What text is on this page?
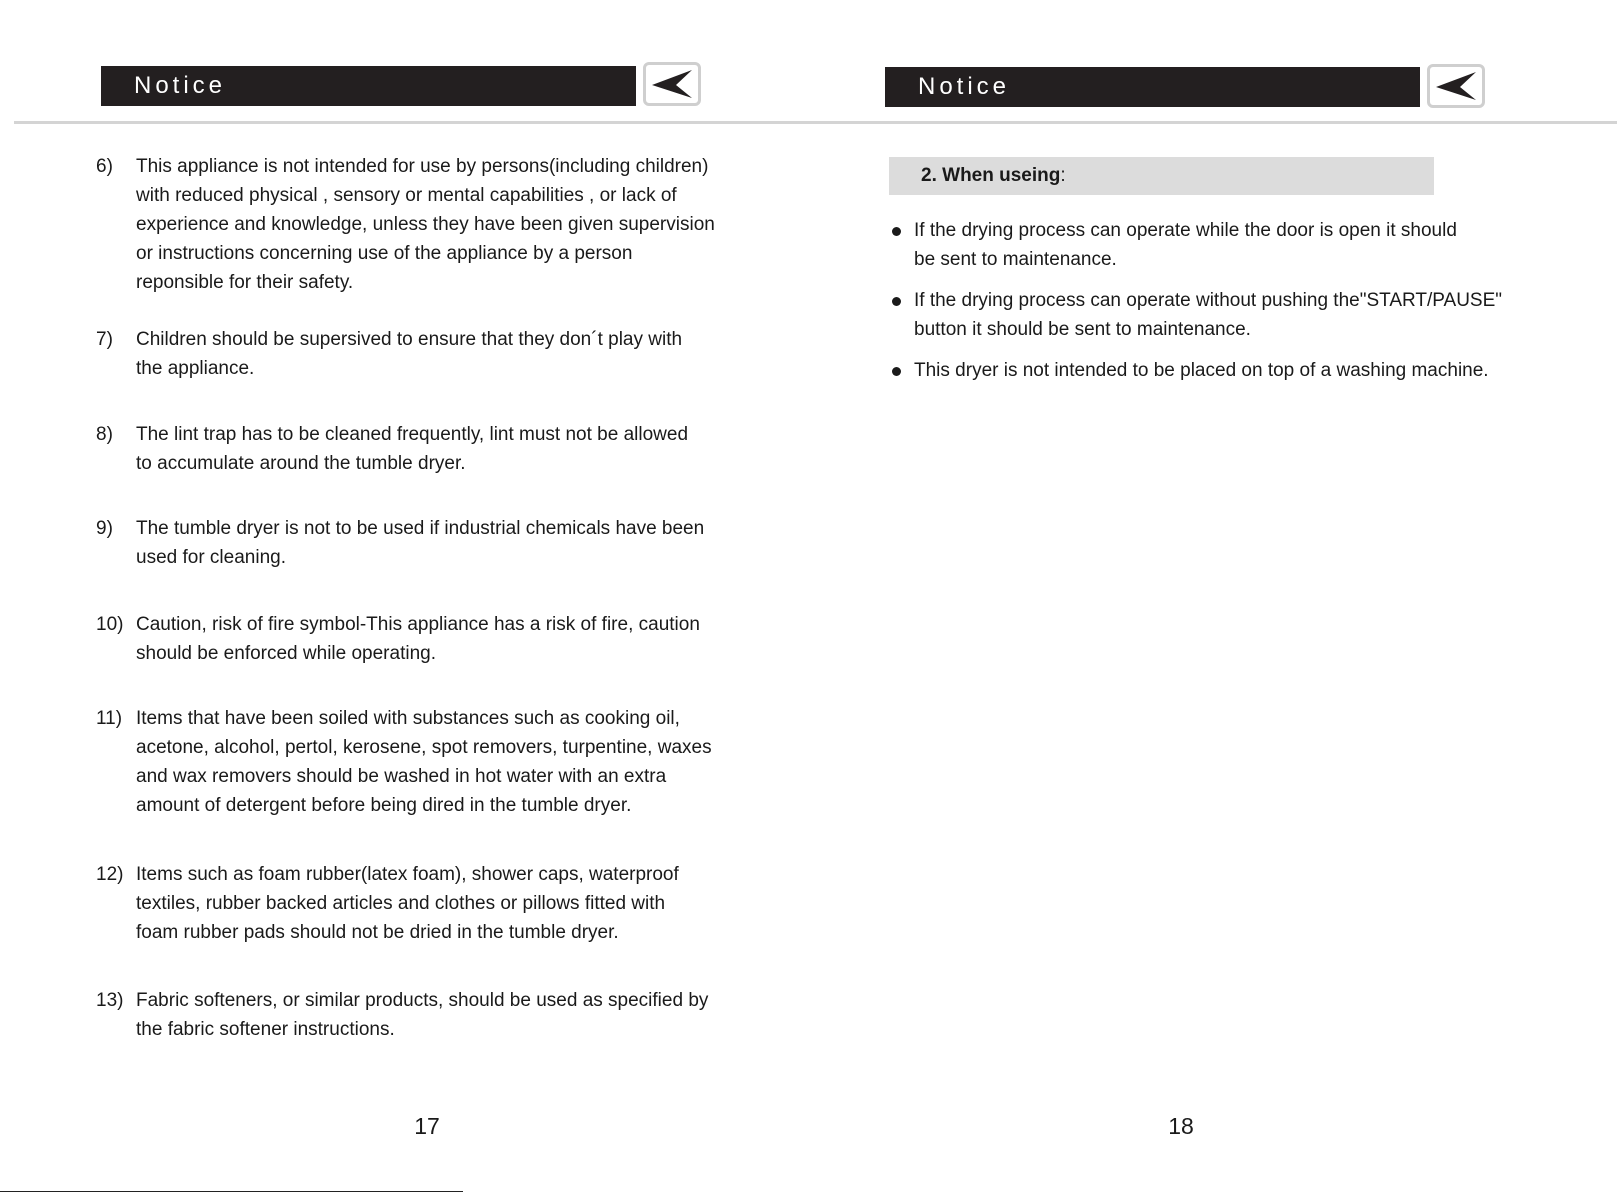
Notice
6)	This appliance is not intended for use by persons(including children)
with reduced physical , sensory or mental capabilities , or lack of
experience and knowledge, unless they have been given supervision
or instructions concerning use of the appliance by a person
reponsible for their safety.
7)	Children should be supersived to ensure that they don´t play with
the appliance.
8)	The lint trap has to be cleaned frequently, lint must not be allowed
to accumulate around the tumble dryer.
9)	The tumble dryer is not to be used if industrial chemicals have been
used for cleaning.
10) Caution, risk of fire symbol-This appliance has a risk of fire, caution
should be enforced while operating.
11) Items that have been soiled with substances such as cooking oil,
acetone, alcohol, pertol, kerosene, spot removers, turpentine, waxes
and wax removers should be washed in hot water with an extra
amount of detergent before being dired in the tumble dryer.
12) Items such as foam rubber(latex foam), shower caps, waterproof
textiles, rubber backed articles and clothes or pillows fitted with
foam rubber pads should not be dried in the tumble dryer.
13) Fabric softeners, or similar products, should be used as specified by
the fabric softener instructions.
17
Notice
2. When useing:
If the drying process can operate while the door is open it should
be sent to maintenance.
If the drying process can operate without pushing the"START/PAUSE"
button it should be sent to maintenance.
This dryer is not intended to be placed on top of a washing machine.
18
